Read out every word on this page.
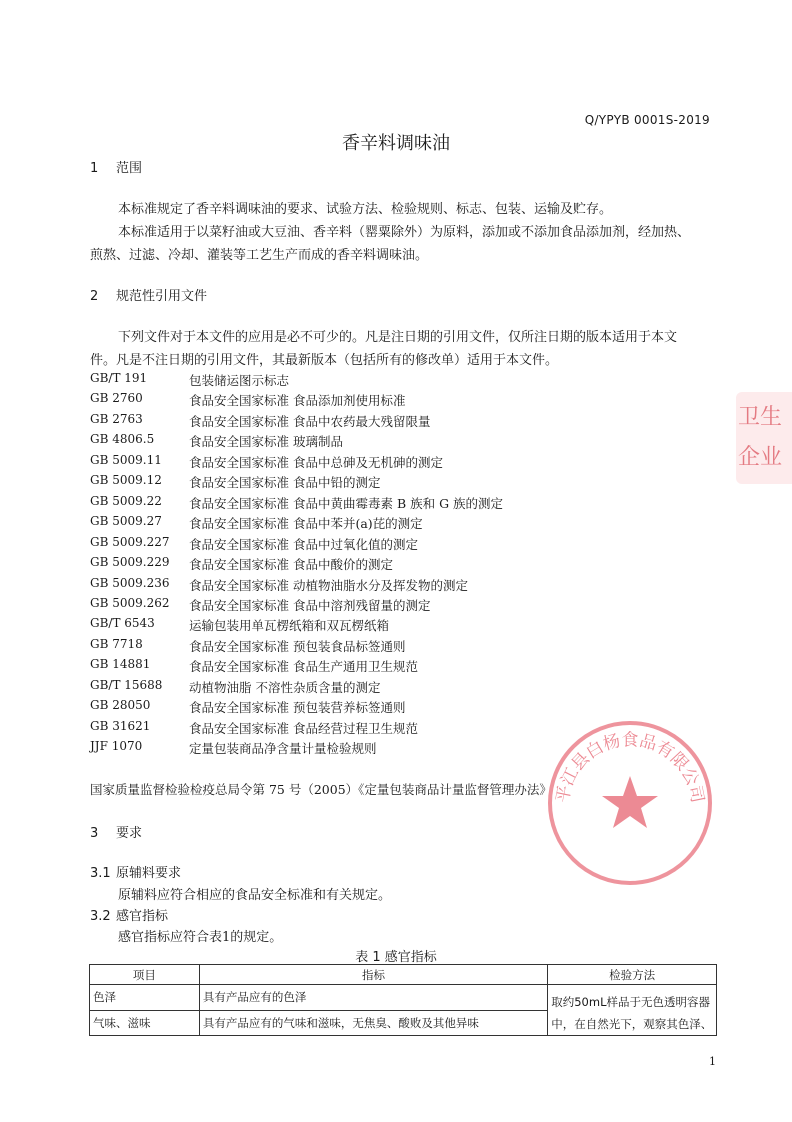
Q/YPYB 0001S-2019
香辛料调味油
1 范围
本标准规定了香辛料调味油的要求、试验方法、检验规则、标志、包装、运输及贮存。
本标准适用于以菜籽油或大豆油、香辛料（罂粟除外）为原料，添加或不添加食品添加剂，经加热、
煎熬、过滤、冷却、灌装等工艺生产而成的香辛料调味油。
2 规范性引用文件
下列文件对于本文件的应用是必不可少的。凡是注日期的引用文件，仅所注日期的版本适用于本文
件。凡是不注日期的引用文件，其最新版本（包括所有的修改单）适用于本文件。
GB/T 191	包装储运图示标志
GB 2760	食品安全国家标准 食品添加剂使用标准
GB 2763	食品安全国家标准 食品中农药最大残留限量
GB 4806.5	食品安全国家标准 玻璃制品
GB 5009.11 食品安全国家标准 食品中总砷及无机砷的测定
GB 5009.12 食品安全国家标准 食品中铅的测定
GB 5009.22 食品安全国家标准 食品中黄曲霉毒素 B 族和 G 族的测定
GB 5009.27 食品安全国家标准 食品中苯并(a)芘的测定
GB 5009.227 食品安全国家标准 食品中过氧化值的测定
GB 5009.229 食品安全国家标准 食品中酸价的测定
GB 5009.236 食品安全国家标准 动植物油脂水分及挥发物的测定
GB 5009.262 食品安全国家标准 食品中溶剂残留量的测定
GB/T 6543	运输包装用单瓦楞纸箱和双瓦楞纸箱
GB 7718	食品安全国家标准 预包装食品标签通则
GB 14881	食品安全国家标准 食品生产通用卫生规范
GB/T 15688 动植物油脂 不溶性杂质含量的测定
GB 28050	食品安全国家标准 预包装营养标签通则
GB 31621	食品安全国家标准 食品经营过程卫生规范
JJF 1070	定量包装商品净含量计量检验规则
国家质量监督检验检疫总局令第 75 号（2005）《定量包装商品计量监督管理办法》
3 要求
3.1 原辅料要求
原辅料应符合相应的食品安全标准和有关规定。
3.2 感官指标
感官指标应符合表1的规定。
表 1 感官指标
项目	指标	检验方法
色泽	具有产品应有的色泽	取约50mL样品于无色透明容器
中，在自然光下，观察其色泽、

气味、滋味	具有产品应有的气味和滋味，无焦臭、酸败及其他异味	
1
卫生
企业
平江县白杨食品有限公司
